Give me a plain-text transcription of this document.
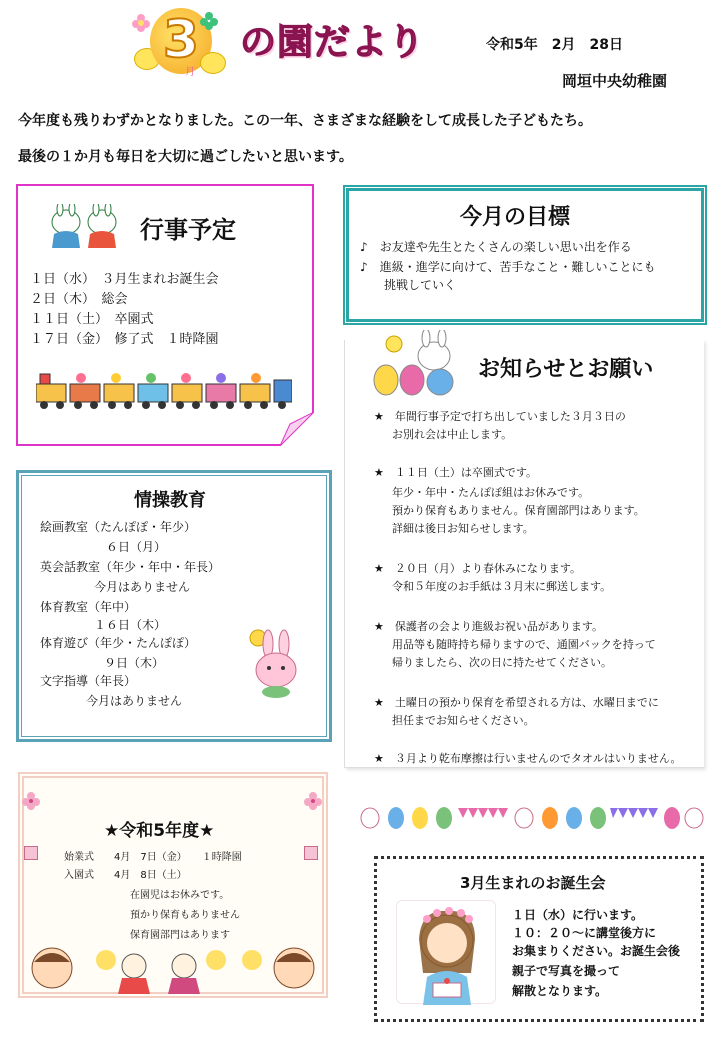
3
月
の園だより	令和5年　2月　28日
岡垣中央幼稚園
今年度も残りわずかとなりました。この一年、さまざまな経験をして成長した子どもたち。
最後の１か月も毎日を大切に過ごしたいと思います。
行事予定
１日（水）　３月生まれお誕生会
２日（木）　総会
１１日（土）　卒園式
１７日（金）　修了式　１時降園
今月の目標
♪　 お友達や先生とたくさんの楽しい思い出を作る
♪　 進級・進学に向けて、苦手なこと・難しいことにも
挑戦していく
お知らせとお願い
★　 年間行事予定で打ち出していました３月３日の
お別れ会は中止します。
★　 １１日（土）は卒園式です。
年少・年中・たんぽぽ組はお休みです。
預かり保育もありません。保育園部門はあります。
詳細は後日お知らせします。
★　 ２０日（月）より春休みになります。
令和５年度のお手紙は３月末に郵送します。
★　 保護者の会より進級お祝い品があります。
用品等も随時持ち帰りますので、通園バックを持って
帰りましたら、次の日に持たせてください。
★　 土曜日の預かり保育を希望される方は、水曜日までに
担任までお知らせください。
★　 ３月より乾布摩擦は行いませんのでタオルはいりません。
情操教育
絵画教室（たんぽぽ・年少）
６日（月）
英会話教室（年少・年中・年長）
今月はありません
体育教室（年中）
１６日（木）
体育遊び（年少・たんぽぽ）
９日（木）
文字指導（年長）
今月はありません
★令和5年度★
始業式　　4月　7日（金）　　１時降園
入園式　　4月　8日（土）
在園児はお休みです。
預かり保育もありません
保育園部門はあります
3月生まれのお誕生会
１日（水）に行います。
１０：２０～に講堂後方に
お集まりください。お誕生会後
親子で写真を撮って
解散となります。
